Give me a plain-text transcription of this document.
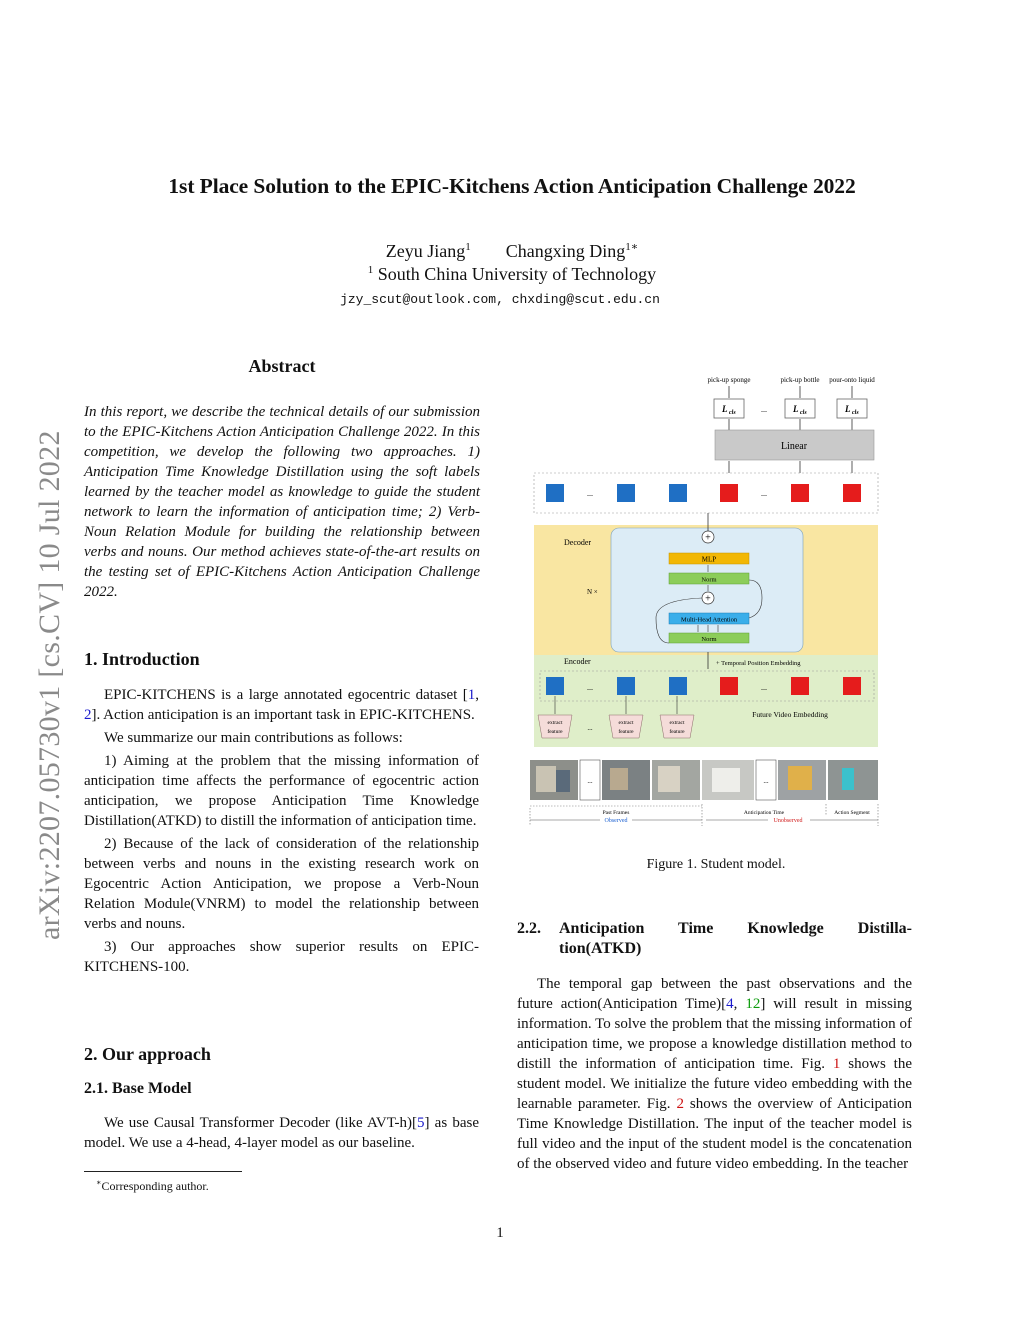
1st Place Solution to the EPIC-Kitchens Action Anticipation Challenge 2022
Zeyu Jiang$^1$ Changxing Ding$^{1∗}$
$^1$ South China University of Technology
jzy_scut@outlook.com, chxding@scut.edu.cn
arXiv:2207.05730v1 [cs.CV] 10 Jul 2022
Abstract
In this report, we describe the technical details of our submission to the EPIC-Kitchens Action Anticipation Challenge 2022. In this competition, we develop the following two approaches. 1) Anticipation Time Knowledge Distillation using the soft labels learned by the teacher model as knowledge to guide the student network to learn the information of anticipation time; 2) Verb-Noun Relation Module for building the relationship between verbs and nouns. Our method achieves state-of-the-art results on the testing set of EPIC-Kitchens Action Anticipation Challenge 2022.
1. Introduction

EPIC-KITCHENS is a large annotated egocentric dataset [1, 2]. Action anticipation is an important task in EPIC-KITCHENS.

We summarize our main contributions as follows:

1) Aiming at the problem that the missing information of anticipation time affects the performance of egocentric action anticipation, we propose Anticipation Time Knowledge Distillation(ATKD) to distill the information of anticipation time.

2) Because of the lack of consideration of the relationship between verbs and nouns in the existing research work on Egocentric Action Anticipation, we propose a Verb-Noun Relation Module(VNRM) to model the relationship between verbs and nouns.

3) Our approaches show superior results on EPIC-KITCHENS-100.

2. Our approach
2.1. Base Model

We use Causal Transformer Decoder (like AVT-h)[5] as base model. We use a 4-head, 4-layer model as our baseline.

∗Corresponding author.
1
pick-up sponge	pick-up bottle pour-onto liquid
L cls	...	L cls	L cls
Linear
...	...
Decoder
N ×
+
MLP
Norm
+
Multi-Head Attention
Norm
Encoder	+ Temporal Position Embedding
...	...
Future Video Embedding
extract
feature	...
extract
feature
extract
feature
...	...
Past Frames
Observed
Anticipation Time
Unobserved
Action Segment
Figure 1. Student model.
2.2.	Anticipation Time Knowledge Distilla-
tion(ATKD)

The temporal gap between the past observations and the future action(Anticipation Time)[4, 12] will result in missing information. To solve the problem that the missing information of anticipation time, we propose a knowledge distillation method to distill the information of anticipation time. Fig. 1 shows the student model. We initialize the future video embedding with the learnable parameter. Fig. 2 shows the overview of Anticipation Time Knowledge Distillation. The input of the teacher model is full video and the input of the student model is the concatenation of the observed video and future video embedding. In the teacher
